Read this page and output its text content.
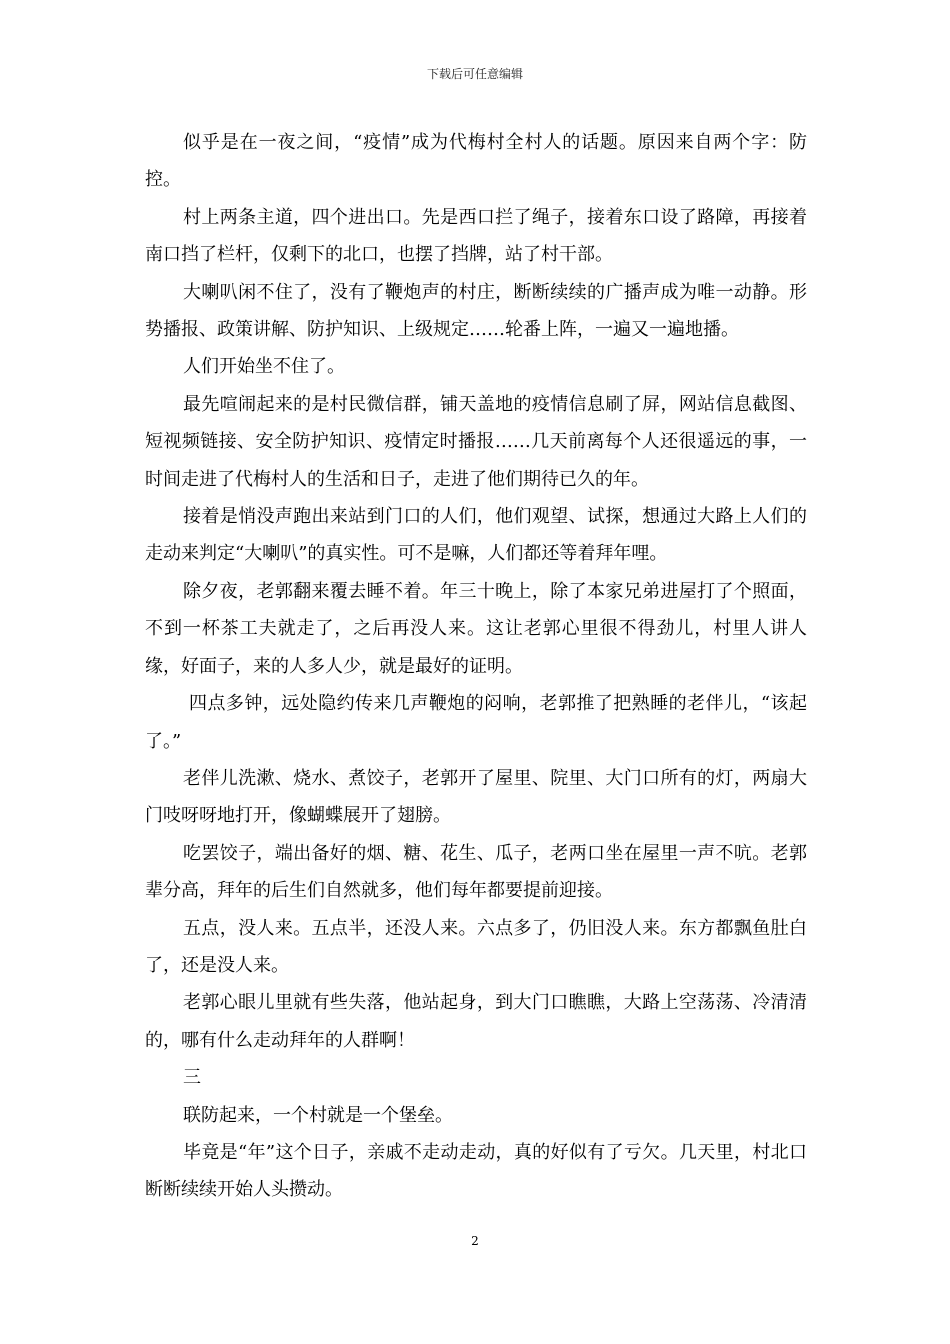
下载后可任意编辑

似乎是在一夜之间，“疫情”成为代梅村全村人的话题。原因来自两个字：防控。

村上两条主道，四个进出口。先是西口拦了绳子，接着东口设了路障，再接着南口挡了栏杆，仅剩下的北口，也摆了挡牌，站了村干部。

大喇叭闲不住了，没有了鞭炮声的村庄，断断续续的广播声成为唯一动静。形势播报、政策讲解、防护知识、上级规定……轮番上阵，一遍又一遍地播。

人们开始坐不住了。

最先喧闹起来的是村民微信群，铺天盖地的疫情信息刷了屏，网站信息截图、短视频链接、安全防护知识、疫情定时播报……几天前离每个人还很遥远的事，一时间走进了代梅村人的生活和日子，走进了他们期待已久的年。

接着是悄没声跑出来站到门口的人们，他们观望、试探，想通过大路上人们的走动来判定“大喇叭”的真实性。可不是嘛，人们都还等着拜年哩。

除夕夜，老郭翻来覆去睡不着。年三十晚上，除了本家兄弟进屋打了个照面，不到一杯茶工夫就走了，之后再没人来。这让老郭心里很不得劲儿，村里人讲人缘，好面子，来的人多人少，就是最好的证明。

四点多钟，远处隐约传来几声鞭炮的闷响，老郭推了把熟睡的老伴儿，“该起了。”

老伴儿洗漱、烧水、煮饺子，老郭开了屋里、院里、大门口所有的灯，两扇大门吱呀呀地打开，像蝴蝶展开了翅膀。

吃罢饺子，端出备好的烟、糖、花生、瓜子，老两口坐在屋里一声不吭。老郭辈分高，拜年的后生们自然就多，他们每年都要提前迎接。

五点，没人来。五点半，还没人来。六点多了，仍旧没人来。东方都飘鱼肚白了，还是没人来。

老郭心眼儿里就有些失落，他站起身，到大门口瞧瞧，大路上空荡荡、冷清清的，哪有什么走动拜年的人群啊！

三

联防起来，一个村就是一个堡垒。

毕竟是“年”这个日子，亲戚不走动走动，真的好似有了亏欠。几天里，村北口断断续续开始人头攒动。

2
